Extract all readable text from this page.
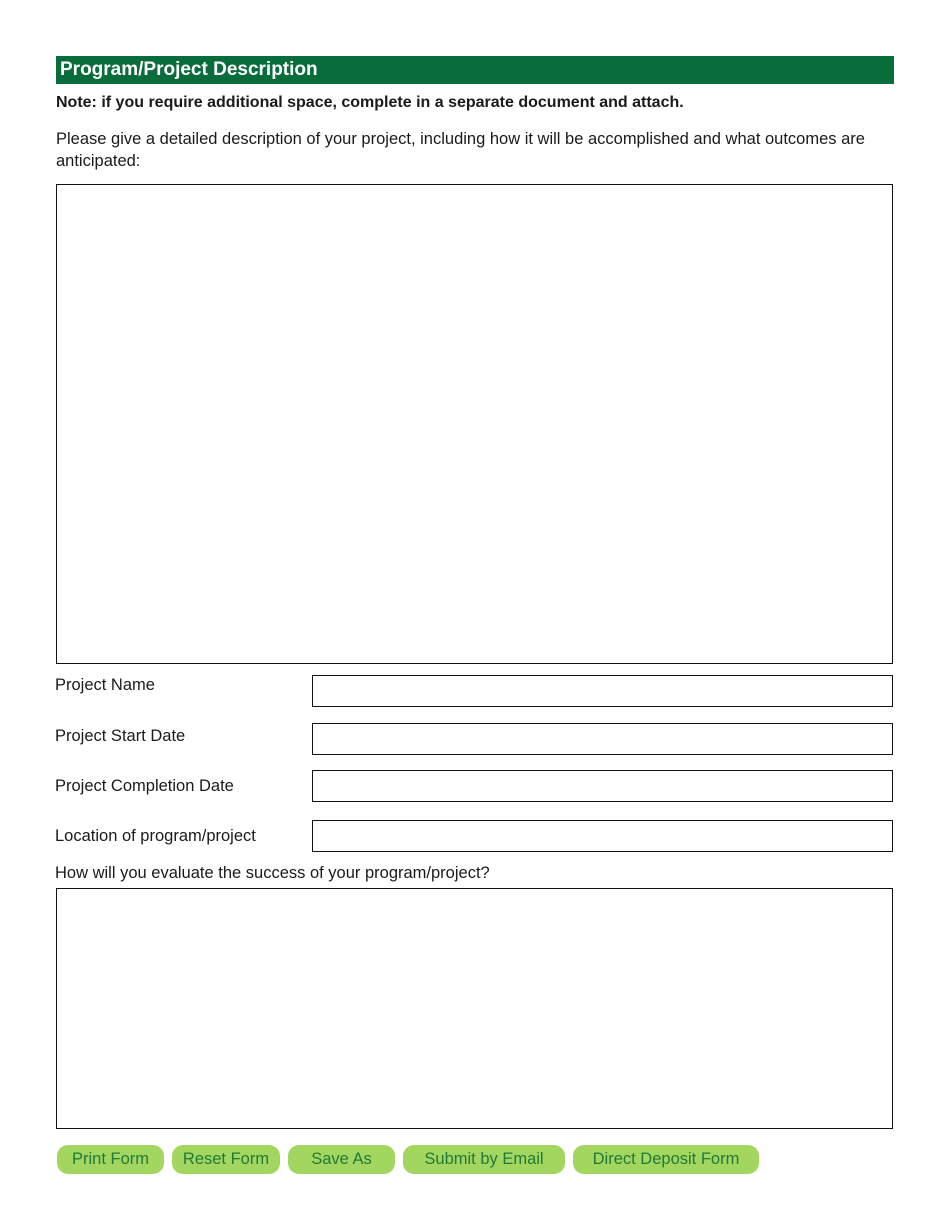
Program/Project Description
Note: if you require additional space, complete in a separate document and attach.
Please give a detailed description of your project, including how it will be accomplished and what outcomes are anticipated:
Project Name
Project Start Date
Project Completion Date
Location of program/project
How will you evaluate the success of your program/project?
Print Form	Reset Form	Save As	Submit by Email	Direct Deposit Form
